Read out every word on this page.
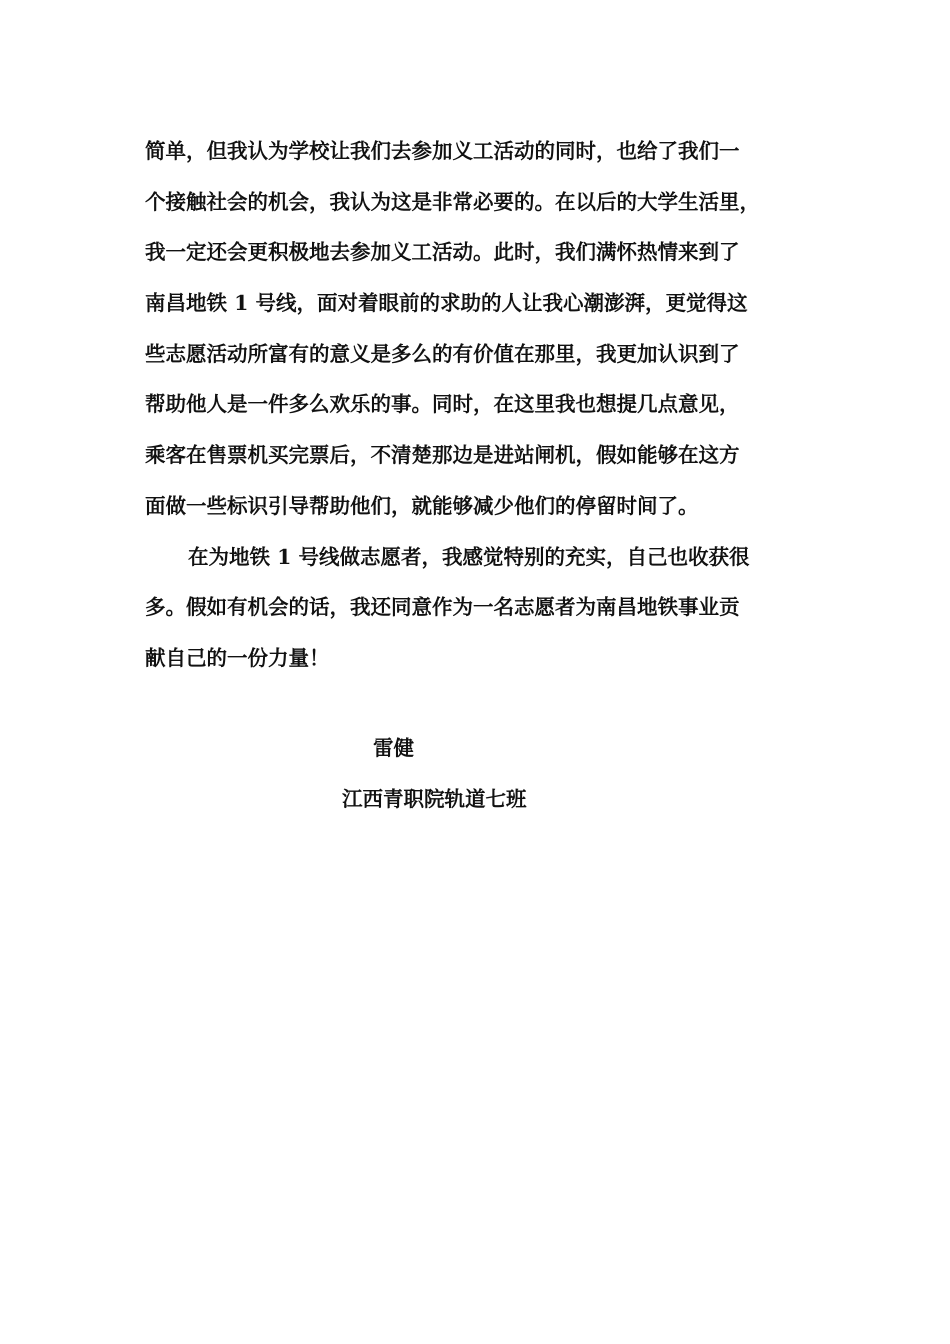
简单，但我认为学校让我们去参加义工活动的同时，也给了我们一
个接触社会的机会，我认为这是非常必要的。在以后的大学生活里，
我一定还会更积极地去参加义工活动。此时，我们满怀热情来到了
南昌地铁 1 号线，面对着眼前的求助的人让我心潮澎湃，更觉得这
些志愿活动所富有的意义是多么的有价值在那里，我更加认识到了
帮助他人是一件多么欢乐的事。同时，在这里我也想提几点意见，
乘客在售票机买完票后，不清楚那边是进站闸机，假如能够在这方
面做一些标识引导帮助他们，就能够减少他们的停留时间了。
在为地铁 1 号线做志愿者，我感觉特别的充实，自己也收获很
多。假如有机会的话，我还同意作为一名志愿者为南昌地铁事业贡
献自己的一份力量！
雷健
江西青职院轨道七班
